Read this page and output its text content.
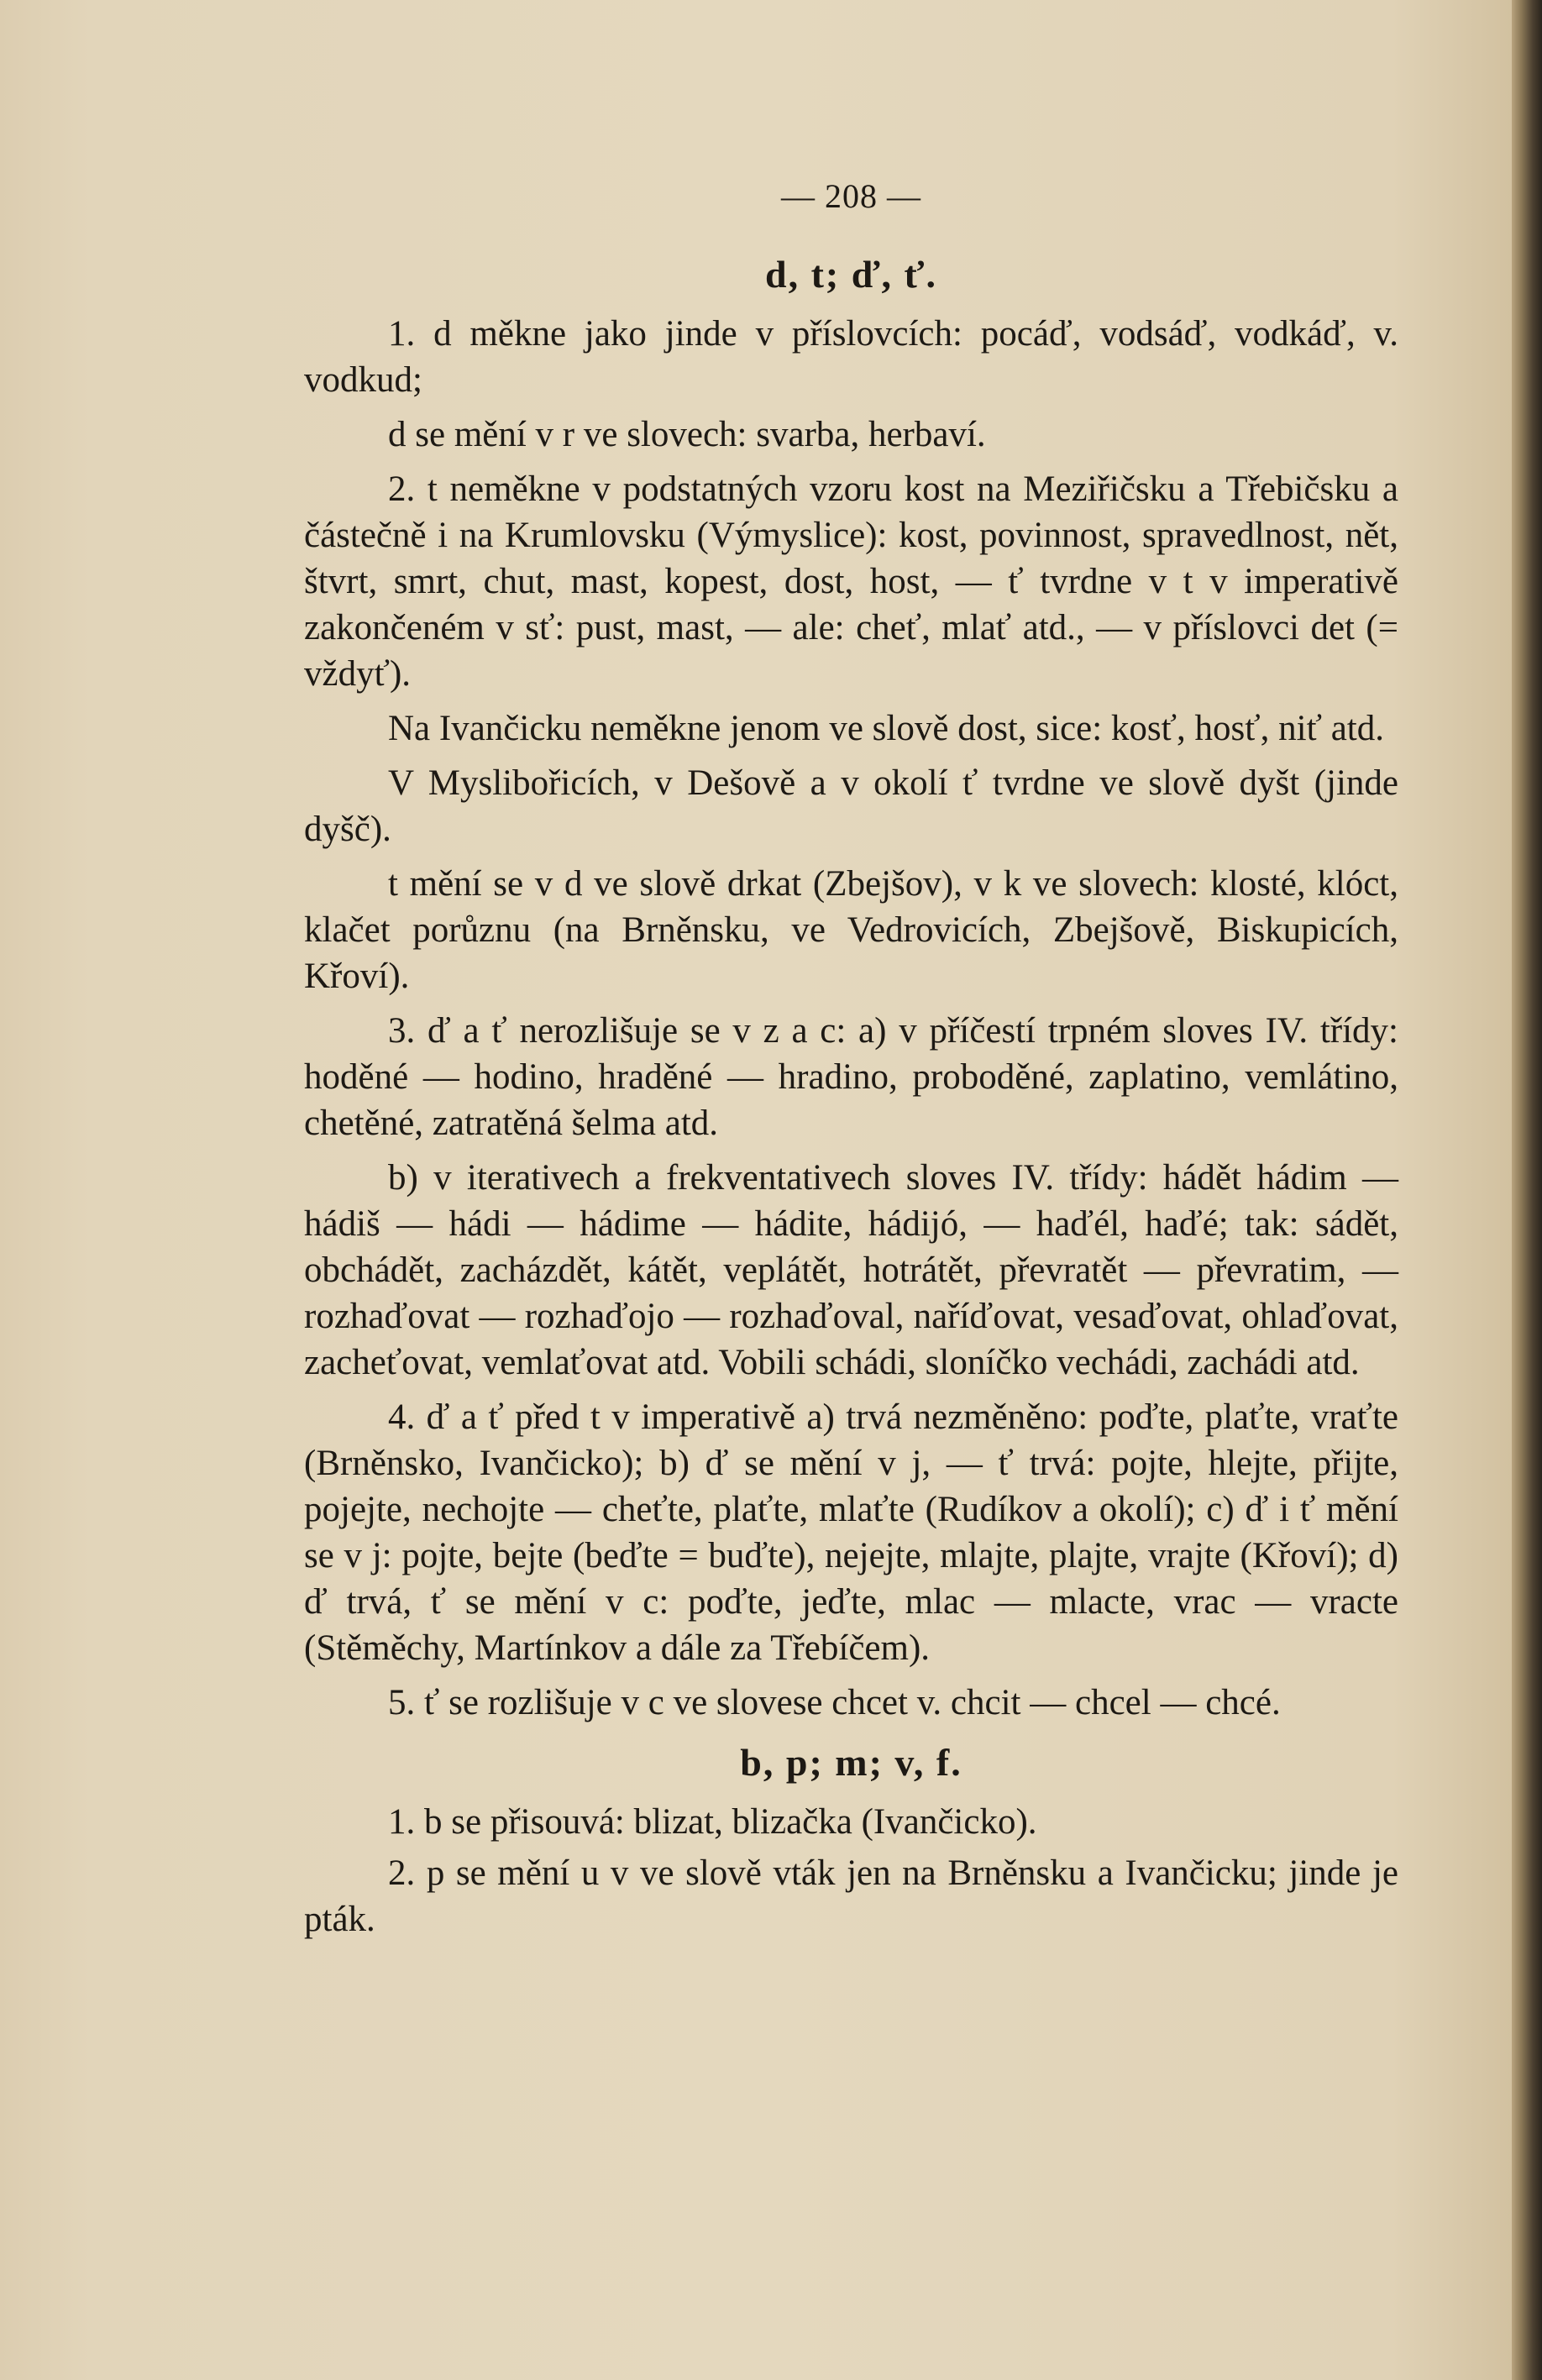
— 208 —
d, t; ď, ť.

1. d měkne jako jinde v příslovcích: pocáď, vodsáď, vodkáď, v. vodkud;

d se mění v r ve slovech: svarba, herbaví.

2. t neměkne v podstatných vzoru kost na Meziřičsku a Třebičsku a částečně i na Krumlovsku (Výmyslice): kost, povinnost, spravedlnost, nět, štvrt, smrt, chut, mast, kopest, dost, host, — ť tvrdne v t v imperativě zakončeném v sť: pust, mast, — ale: cheť, mlať atd., — v příslovci det (= vždyť).

Na Ivančicku neměkne jenom ve slově dost, sice: kosť, hosť, niť atd.

V Myslibořicích, v Dešově a v okolí ť tvrdne ve slově dyšt (jinde dyšč).

t mění se v d ve slově drkat (Zbejšov), v k ve slovech: klosté, klóct, klačet porůznu (na Brněnsku, ve Vedrovicích, Zbejšově, Biskupicích, Křoví).

3. ď a ť nerozlišuje se v z a c: a) v příčestí trpném sloves IV. třídy: hoděné — hodino, hraděné — hradino, proboděné, zaplatino, vemlátino, chetěné, zatratěná šelma atd.

b) v iterativech a frekventativech sloves IV. třídy: hádět hádim — hádiš — hádi — hádime — hádite, hádijó, — haďél, haďé; tak: sádět, obchádět, zacházdět, kátět, veplátět, hotrátět, převratět — převratim, — rozhaďovat — rozhaďojo — rozhaďoval, naříďovat, vesaďovat, ohlaďovat, zacheťovat, vemlaťovat atd. Vobili schádi, sloníčko vechádi, zachádi atd.

4. ď a ť před t v imperativě a) trvá nezměněno: poďte, plaťte, vraťte (Brněnsko, Ivančicko); b) ď se mění v j, — ť trvá: pojte, hlejte, přijte, pojejte, nechojte — cheťte, plaťte, mlaťte (Rudíkov a okolí); c) ď i ť mění se v j: pojte, bejte (beďte = buďte), nejejte, mlajte, plajte, vrajte (Křoví); d) ď trvá, ť se mění v c: poďte, jeďte, mlac — mlacte, vrac — vracte (Stěměchy, Martínkov a dále za Třebíčem).

5. ť se rozlišuje v c ve slovese chcet v. chcit — chcel — chcé.

b, p; m; v, f.

1. b se přisouvá: blizat, blizačka (Ivančicko).

2. p se mění u v ve slově vták jen na Brněnsku a Ivančicku; jinde je pták.
